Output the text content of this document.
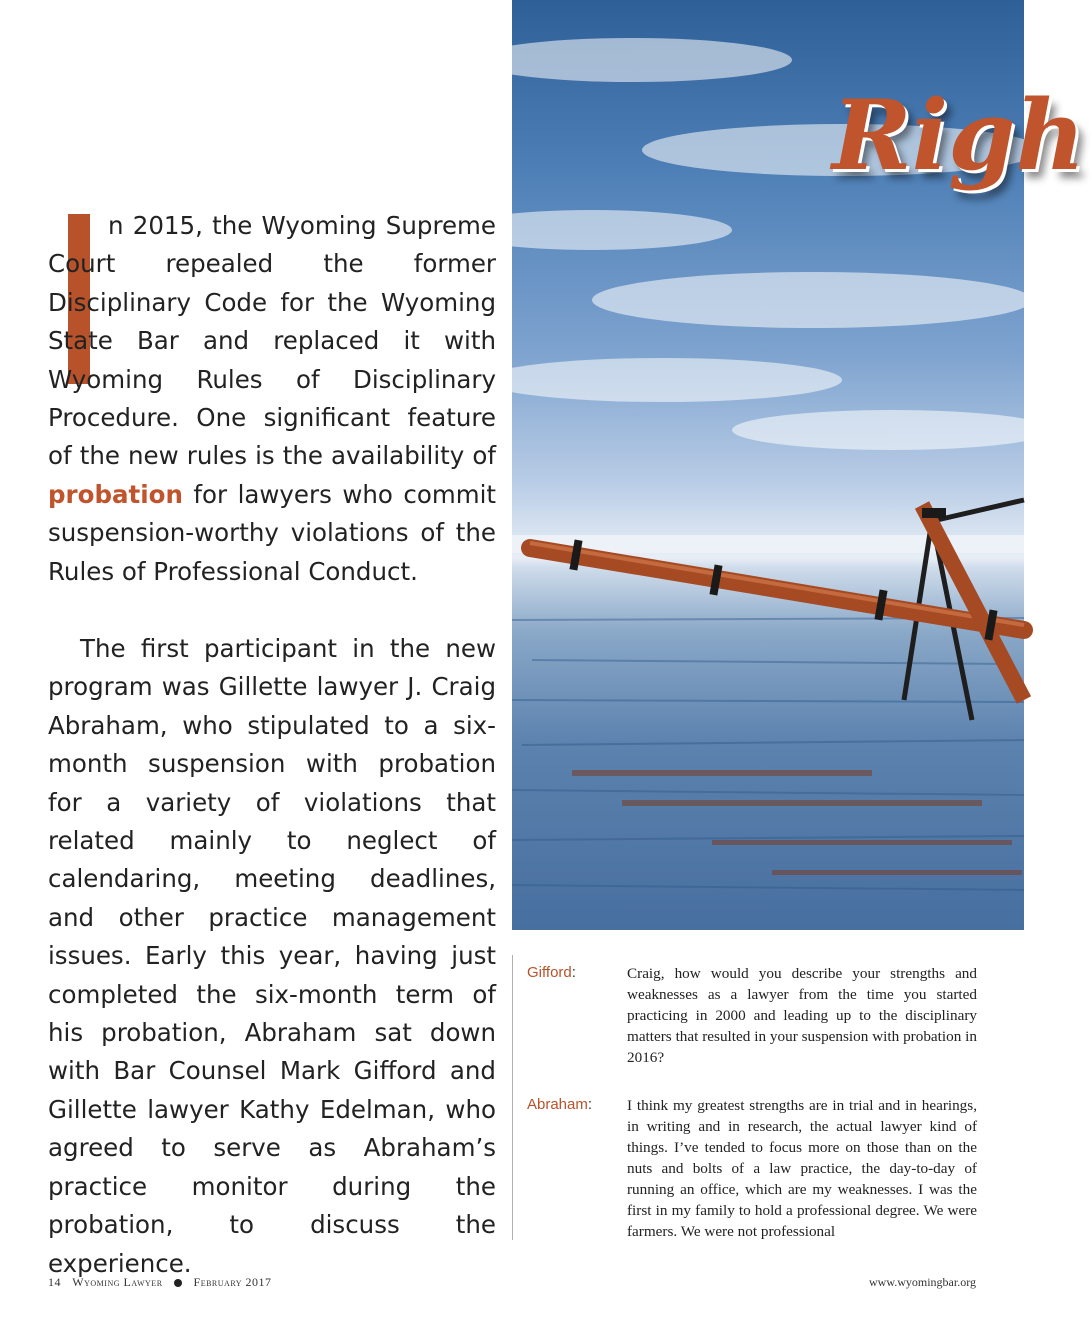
Righ

n 2015, the Wyoming Supreme Court repealed the former Disciplinary Code for the Wyoming State Bar and replaced it with Wyoming Rules of Disciplinary Procedure. One significant feature of the new rules is the availability of probation for lawyers who commit suspension-worthy violations of the Rules of Professional Conduct.

The first participant in the new program was Gillette lawyer J. Craig Abraham, who stipulated to a six-month suspension with probation for a variety of violations that related mainly to neglect of calendaring, meeting deadlines, and other practice management issues. Early this year, having just completed the six-month term of his probation, Abraham sat down with Bar Counsel Mark Gifford and Gillette lawyer Kathy Edelman, who agreed to serve as Abraham’s practice monitor during the probation, to discuss the experience.

Gifford:	Craig, how would you describe your strengths and weaknesses as a lawyer from the time you started practicing in 2000 and leading up to the disciplinary matters that resulted in your suspension with probation in 2016?

Abraham: I think my greatest strengths are in trial and in hearings, in writing and in research, the actual lawyer kind of things. I’ve tended to focus more on those than on the nuts and bolts of a law practice, the day-to-day of running an office, which are my weaknesses. I was the first in my family to hold a professional degree. We were farmers. We were not professional

14 Wyoming Lawyer	February 2017	www.wyomingbar.org
